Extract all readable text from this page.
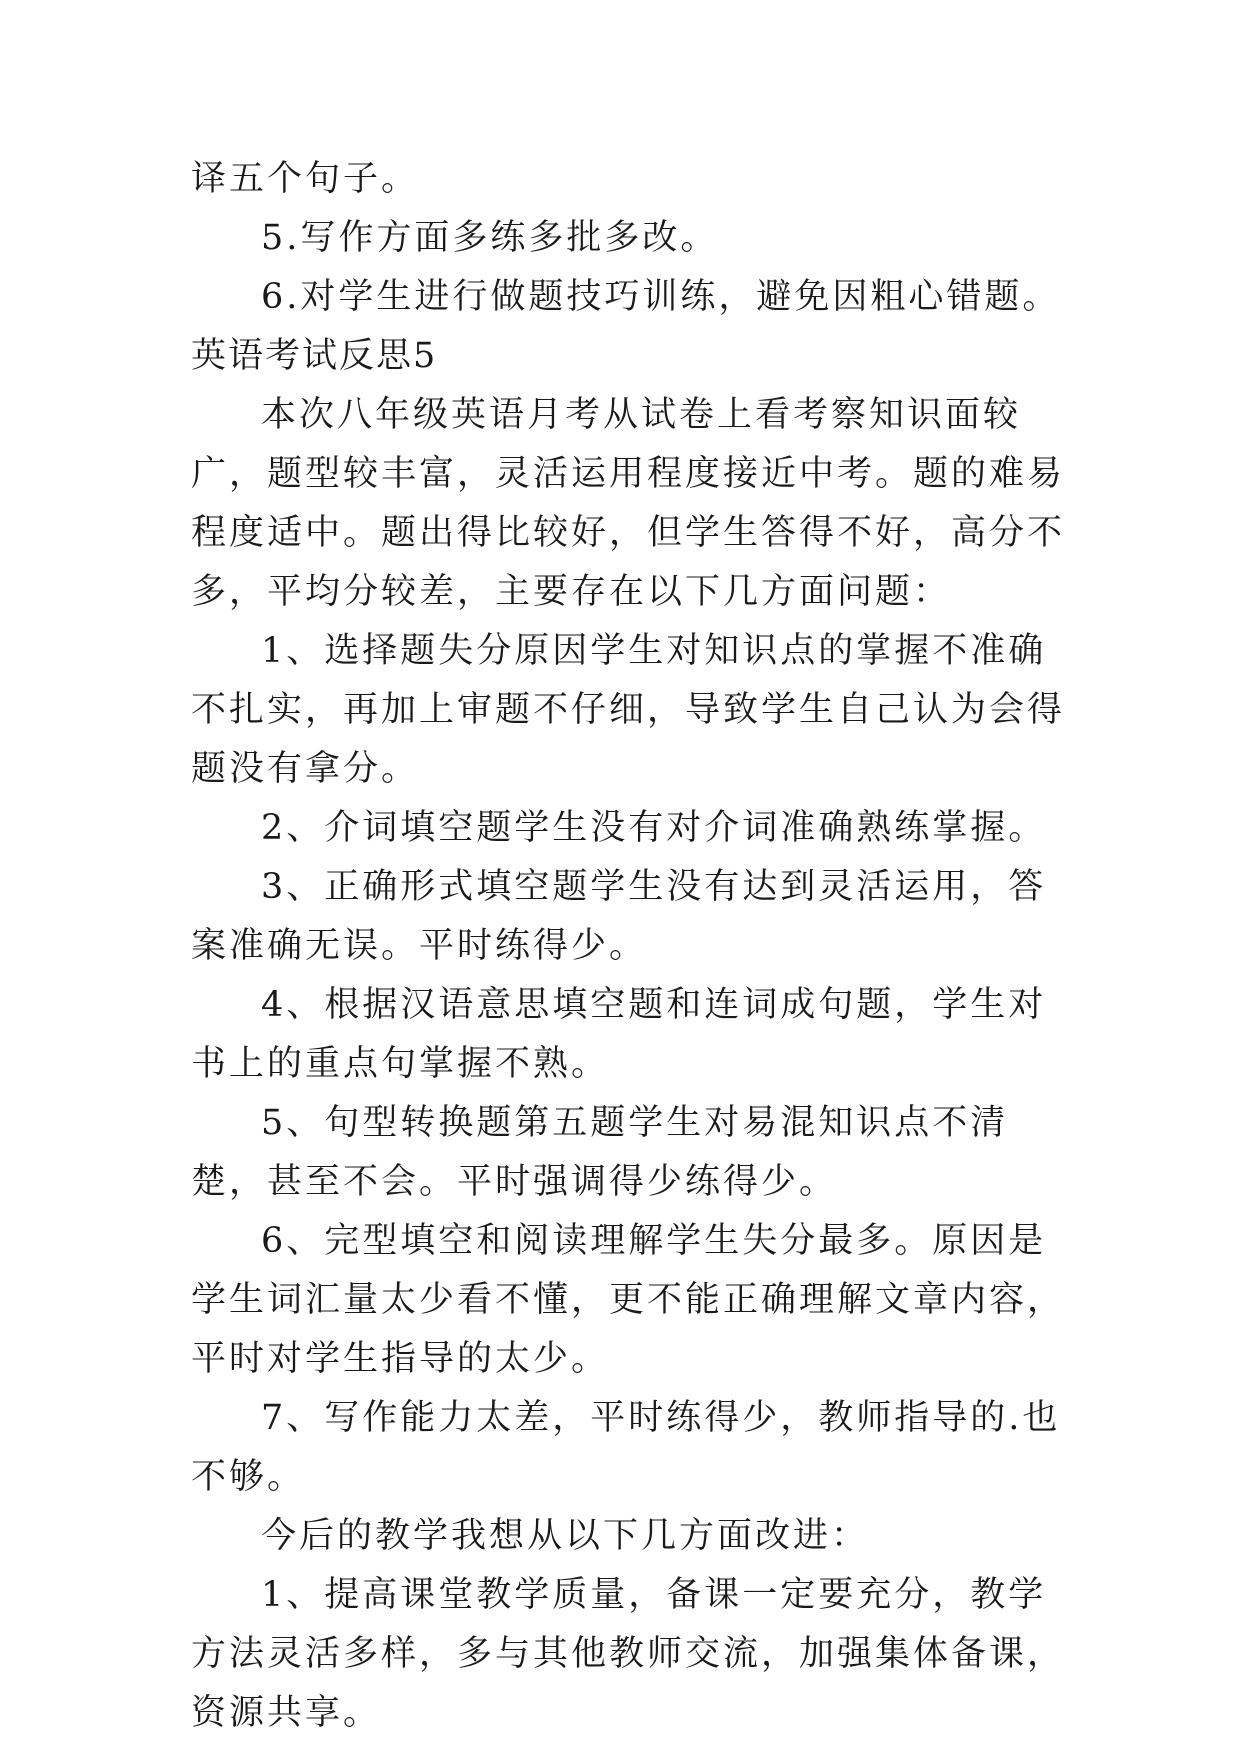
译五个句子。

5.写作方面多练多批多改。

6.对学生进行做题技巧训练，避免因粗心错题。

英语考试反思5

本次八年级英语月考从试卷上看考察知识面较广，题型较丰富，灵活运用程度接近中考。题的难易程度适中。题出得比较好，但学生答得不好，高分不多，平均分较差，主要存在以下几方面问题：

1、选择题失分原因学生对知识点的掌握不准确不扎实，再加上审题不仔细，导致学生自己认为会得题没有拿分。

2、介词填空题学生没有对介词准确熟练掌握。

3、正确形式填空题学生没有达到灵活运用，答案准确无误。平时练得少。

4、根据汉语意思填空题和连词成句题，学生对书上的重点句掌握不熟。

5、句型转换题第五题学生对易混知识点不清楚，甚至不会。平时强调得少练得少。

6、完型填空和阅读理解学生失分最多。原因是学生词汇量太少看不懂，更不能正确理解文章内容，平时对学生指导的太少。

7、写作能力太差，平时练得少，教师指导的.也不够。

今后的教学我想从以下几方面改进：

1、提高课堂教学质量，备课一定要充分，教学方法灵活多样，多与其他教师交流，加强集体备课，资源共享。
